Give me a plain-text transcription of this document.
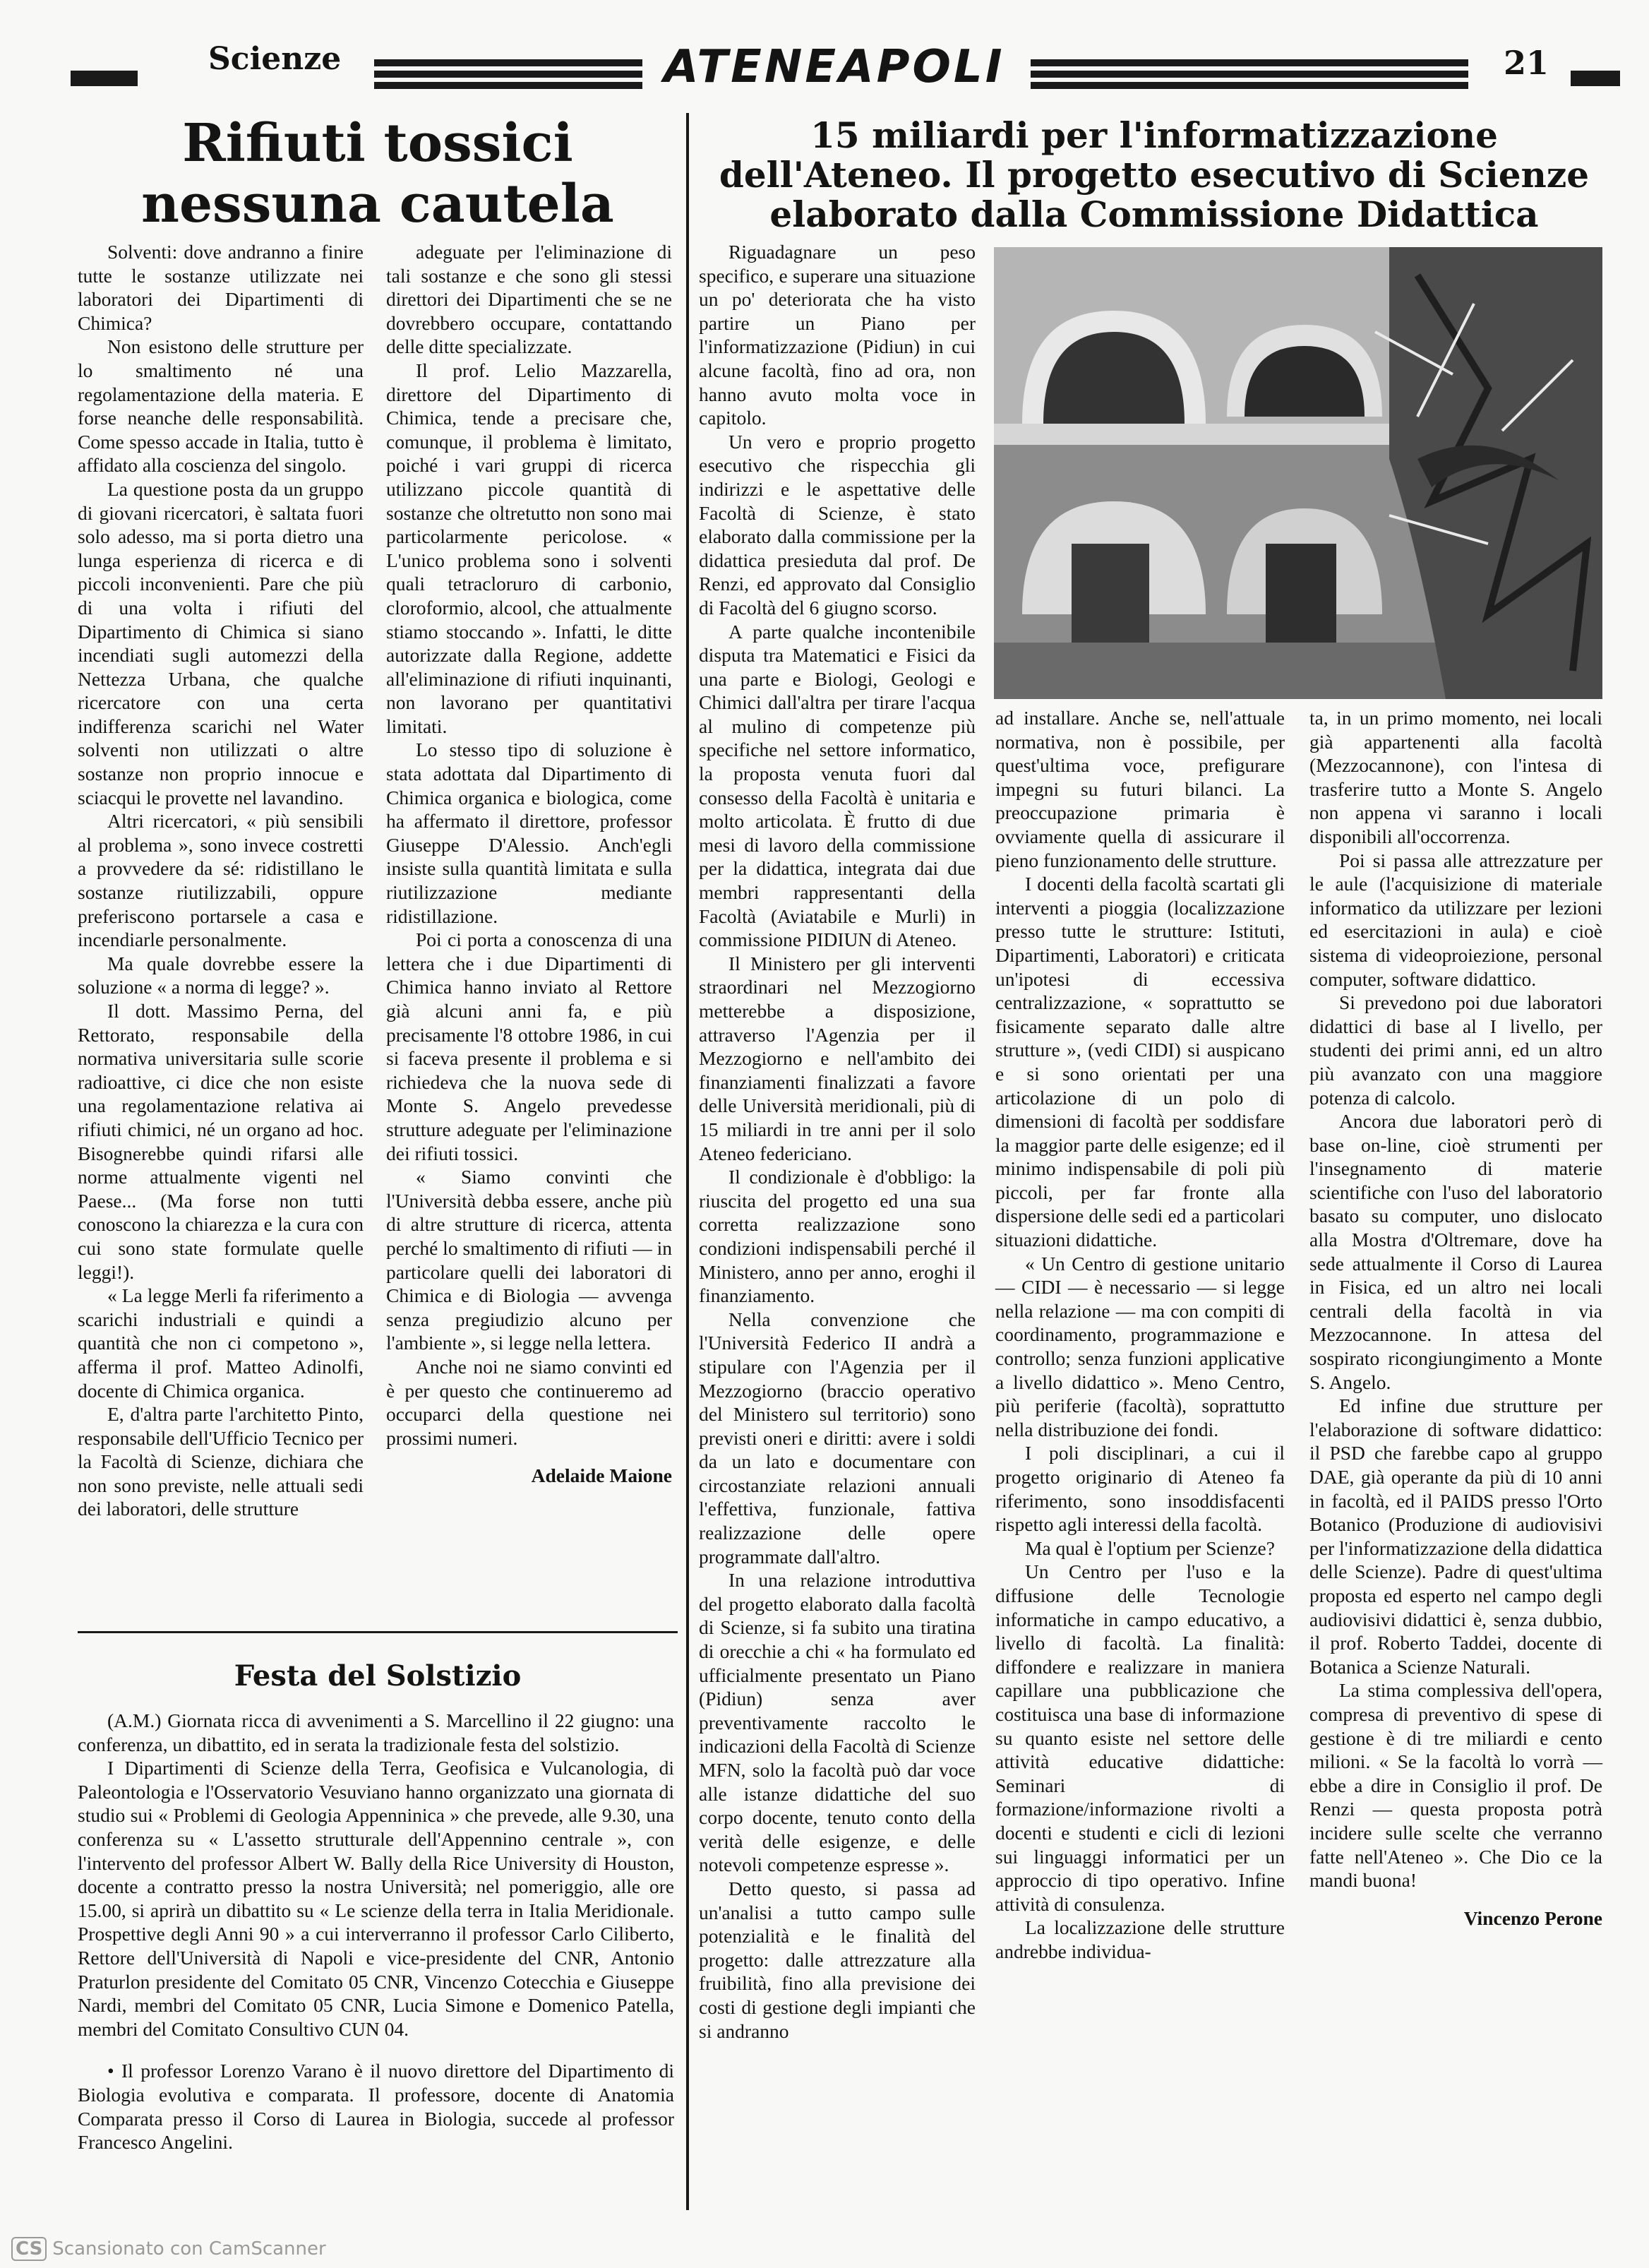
Scienze	ATENEAPOLI	21
Rifiuti tossici
nessuna cautela

Solventi: dove andranno a finire tutte le sostanze utilizzate nei laboratori dei Dipartimenti di Chimica?

Non esistono delle strutture per lo smaltimento né una regolamentazione della materia. E forse neanche delle responsabilità. Come spesso accade in Italia, tutto è affidato alla coscienza del singolo.

La questione posta da un gruppo di giovani ricercatori, è saltata fuori solo adesso, ma si porta dietro una lunga esperienza di ricerca e di piccoli inconvenienti. Pare che più di una volta i rifiuti del Dipartimento di Chimica si siano incendiati sugli automezzi della Nettezza Urbana, che qualche ricercatore con una certa indifferenza scarichi nel Water solventi non utilizzati o altre sostanze non proprio innocue e sciacqui le provette nel lavandino.

Altri ricercatori, « più sensibili al problema », sono invece costretti a provvedere da sé: ridistillano le sostanze riutilizzabili, oppure preferiscono portarsele a casa e incendiarle personalmente.

Ma quale dovrebbe essere la soluzione « a norma di legge? ».

Il dott. Massimo Perna, del Rettorato, responsabile della normativa universitaria sulle scorie radioattive, ci dice che non esiste una regolamentazione relativa ai rifiuti chimici, né un organo ad hoc. Bisognerebbe quindi rifarsi alle norme attualmente vigenti nel Paese... (Ma forse non tutti conoscono la chiarezza e la cura con cui sono state formulate quelle leggi!).

« La legge Merli fa riferimento a scarichi industriali e quindi a quantità che non ci competono », afferma il prof. Matteo Adinolfi, docente di Chimica organica.

E, d'altra parte l'architetto Pinto, responsabile dell'Ufficio Tecnico per la Facoltà di Scienze, dichiara che non sono previste, nelle attuali sedi dei laboratori, delle strutture

adeguate per l'eliminazione di tali sostanze e che sono gli stessi direttori dei Dipartimenti che se ne dovrebbero occupare, contattando delle ditte specializzate.

Il prof. Lelio Mazzarella, direttore del Dipartimento di Chimica, tende a precisare che, comunque, il problema è limitato, poiché i vari gruppi di ricerca utilizzano piccole quantità di sostanze che oltretutto non sono mai particolarmente pericolose. « L'unico problema sono i solventi quali tetracloruro di carbonio, cloroformio, alcool, che attualmente stiamo stoccando ». Infatti, le ditte autorizzate dalla Regione, addette all'eliminazione di rifiuti inquinanti, non lavorano per quantitativi limitati.

Lo stesso tipo di soluzione è stata adottata dal Dipartimento di Chimica organica e biologica, come ha affermato il direttore, professor Giuseppe D'Alessio. Anch'egli insiste sulla quantità limitata e sulla riutilizzazione mediante ridistillazione.

Poi ci porta a conoscenza di una lettera che i due Dipartimenti di Chimica hanno inviato al Rettore già alcuni anni fa, e più precisamente l'8 ottobre 1986, in cui si faceva presente il problema e si richiedeva che la nuova sede di Monte S. Angelo prevedesse strutture adeguate per l'eliminazione dei rifiuti tossici.

« Siamo convinti che l'Università debba essere, anche più di altre strutture di ricerca, attenta perché lo smaltimento di rifiuti — in particolare quelli dei laboratori di Chimica e di Biologia — avvenga senza pregiudizio alcuno per l'ambiente », si legge nella lettera.

Anche noi ne siamo convinti ed è per questo che continueremo ad occuparci della questione nei prossimi numeri.

Adelaide Maione

Festa del Solstizio

(A.M.) Giornata ricca di avvenimenti a S. Marcellino il 22 giugno: una conferenza, un dibattito, ed in serata la tradizionale festa del solstizio.

I Dipartimenti di Scienze della Terra, Geofisica e Vulcanologia, di Paleontologia e l'Osservatorio Vesuviano hanno organizzato una giornata di studio sui « Problemi di Geologia Appenninica » che prevede, alle 9.30, una conferenza su « L'assetto strutturale dell'Appennino centrale », con l'intervento del professor Albert W. Bally della Rice University di Houston, docente a contratto presso la nostra Università; nel pomeriggio, alle ore 15.00, si aprirà un dibattito su « Le scienze della terra in Italia Meridionale. Prospettive degli Anni 90 » a cui interverranno il professor Carlo Ciliberto, Rettore dell'Università di Napoli e vice-presidente del CNR, Antonio Praturlon presidente del Comitato 05 CNR, Vincenzo Cotecchia e Giuseppe Nardi, membri del Comitato 05 CNR, Lucia Simone e Domenico Patella, membri del Comitato Consultivo CUN 04.

• Il professor Lorenzo Varano è il nuovo direttore del Dipartimento di Biologia evolutiva e comparata. Il professore, docente di Anatomia Comparata presso il Corso di Laurea in Biologia, succede al professor Francesco Angelini.

15 miliardi per l'informatizzazione
dell'Ateneo. Il progetto esecutivo di Scienze
elaborato dalla Commissione Didattica

Riguadagnare un peso specifico, e superare una situazione un po' deteriorata che ha visto partire un Piano per l'informatizzazione (Pidiun) in cui alcune facoltà, fino ad ora, non hanno avuto molta voce in capitolo.

Un vero e proprio progetto esecutivo che rispecchia gli indirizzi e le aspettative delle Facoltà di Scienze, è stato elaborato dalla commissione per la didattica presieduta dal prof. De Renzi, ed approvato dal Consiglio di Facoltà del 6 giugno scorso.

A parte qualche incontenibile disputa tra Matematici e Fisici da una parte e Biologi, Geologi e Chimici dall'altra per tirare l'acqua al mulino di competenze più specifiche nel settore informatico, la proposta venuta fuori dal consesso della Facoltà è unitaria e molto articolata. È frutto di due mesi di lavoro della commissione per la didattica, integrata dai due membri rappresentanti della Facoltà (Aviatabile e Murli) in commissione PIDIUN di Ateneo.

Il Ministero per gli interventi straordinari nel Mezzogiorno metterebbe a disposizione, attraverso l'Agenzia per il Mezzogiorno e nell'ambito dei finanziamenti finalizzati a favore delle Università meridionali, più di 15 miliardi in tre anni per il solo Ateneo federiciano.

Il condizionale è d'obbligo: la riuscita del progetto ed una sua corretta realizzazione sono condizioni indispensabili perché il Ministero, anno per anno, eroghi il finanziamento.

Nella convenzione che l'Università Federico II andrà a stipulare con l'Agenzia per il Mezzogiorno (braccio operativo del Ministero sul territorio) sono previsti oneri e diritti: avere i soldi da un lato e documentare con circostanziate relazioni annuali l'effettiva, funzionale, fattiva realizzazione delle opere programmate dall'altro.

In una relazione introduttiva del progetto elaborato dalla facoltà di Scienze, si fa subito una tiratina di orecchie a chi « ha formulato ed ufficialmente presentato un Piano (Pidiun) senza aver preventivamente raccolto le indicazioni della Facoltà di Scienze MFN, solo la facoltà può dar voce alle istanze didattiche del suo corpo docente, tenuto conto della verità delle esigenze, e delle notevoli competenze espresse ».

Detto questo, si passa ad un'analisi a tutto campo sulle potenzialità e le finalità del progetto: dalle attrezzature alla fruibilità, fino alla previsione dei costi di gestione degli impianti che si andranno

ad installare. Anche se, nell'attuale normativa, non è possibile, per quest'ultima voce, prefigurare impegni su futuri bilanci. La preoccupazione primaria è ovviamente quella di assicurare il pieno funzionamento delle strutture.

I docenti della facoltà scartati gli interventi a pioggia (localizzazione presso tutte le strutture: Istituti, Dipartimenti, Laboratori) e criticata un'ipotesi di eccessiva centralizzazione, « soprattutto se fisicamente separato dalle altre strutture », (vedi CIDI) si auspicano e si sono orientati per una articolazione di un polo di dimensioni di facoltà per soddisfare la maggior parte delle esigenze; ed il minimo indispensabile di poli più piccoli, per far fronte alla dispersione delle sedi ed a particolari situazioni didattiche.

« Un Centro di gestione unitario — CIDI — è necessario — si legge nella relazione — ma con compiti di coordinamento, programmazione e controllo; senza funzioni applicative a livello didattico ». Meno Centro, più periferie (facoltà), soprattutto nella distribuzione dei fondi.

I poli disciplinari, a cui il progetto originario di Ateneo fa riferimento, sono insoddisfacenti rispetto agli interessi della facoltà.

Ma qual è l'optium per Scienze?

Un Centro per l'uso e la diffusione delle Tecnologie informatiche in campo educativo, a livello di facoltà. La finalità: diffondere e realizzare in maniera capillare una pubblicazione che costituisca una base di informazione su quanto esiste nel settore delle attività educative didattiche: Seminari di formazione/informazione rivolti a docenti e studenti e cicli di lezioni sui linguaggi informatici per un approccio di tipo operativo. Infine attività di consulenza.

La localizzazione delle strutture andrebbe individua-

ta, in un primo momento, nei locali già appartenenti alla facoltà (Mezzocannone), con l'intesa di trasferire tutto a Monte S. Angelo non appena vi saranno i locali disponibili all'occorrenza.

Poi si passa alle attrezzature per le aule (l'acquisizione di materiale informatico da utilizzare per lezioni ed esercitazioni in aula) e cioè sistema di videoproiezione, personal computer, software didattico.

Si prevedono poi due laboratori didattici di base al I livello, per studenti dei primi anni, ed un altro più avanzato con una maggiore potenza di calcolo.

Ancora due laboratori però di base on-line, cioè strumenti per l'insegnamento di materie scientifiche con l'uso del laboratorio basato su computer, uno dislocato alla Mostra d'Oltremare, dove ha sede attualmente il Corso di Laurea in Fisica, ed un altro nei locali centrali della facoltà in via Mezzocannone. In attesa del sospirato ricongiungimento a Monte S. Angelo.

Ed infine due strutture per l'elaborazione di software didattico: il PSD che farebbe capo al gruppo DAE, già operante da più di 10 anni in facoltà, ed il PAIDS presso l'Orto Botanico (Produzione di audiovisivi per l'informatizzazione della didattica delle Scienze). Padre di quest'ultima proposta ed esperto nel campo degli audiovisivi didattici è, senza dubbio, il prof. Roberto Taddei, docente di Botanica a Scienze Naturali.

La stima complessiva dell'opera, compresa di preventivo di spese di gestione è di tre miliardi e cento milioni. « Se la facoltà lo vorrà — ebbe a dire in Consiglio il prof. De Renzi — questa proposta potrà incidere sulle scelte che verranno fatte nell'Ateneo ». Che Dio ce la mandi buona!

Vincenzo Perone

CS Scansionato con CamScanner
